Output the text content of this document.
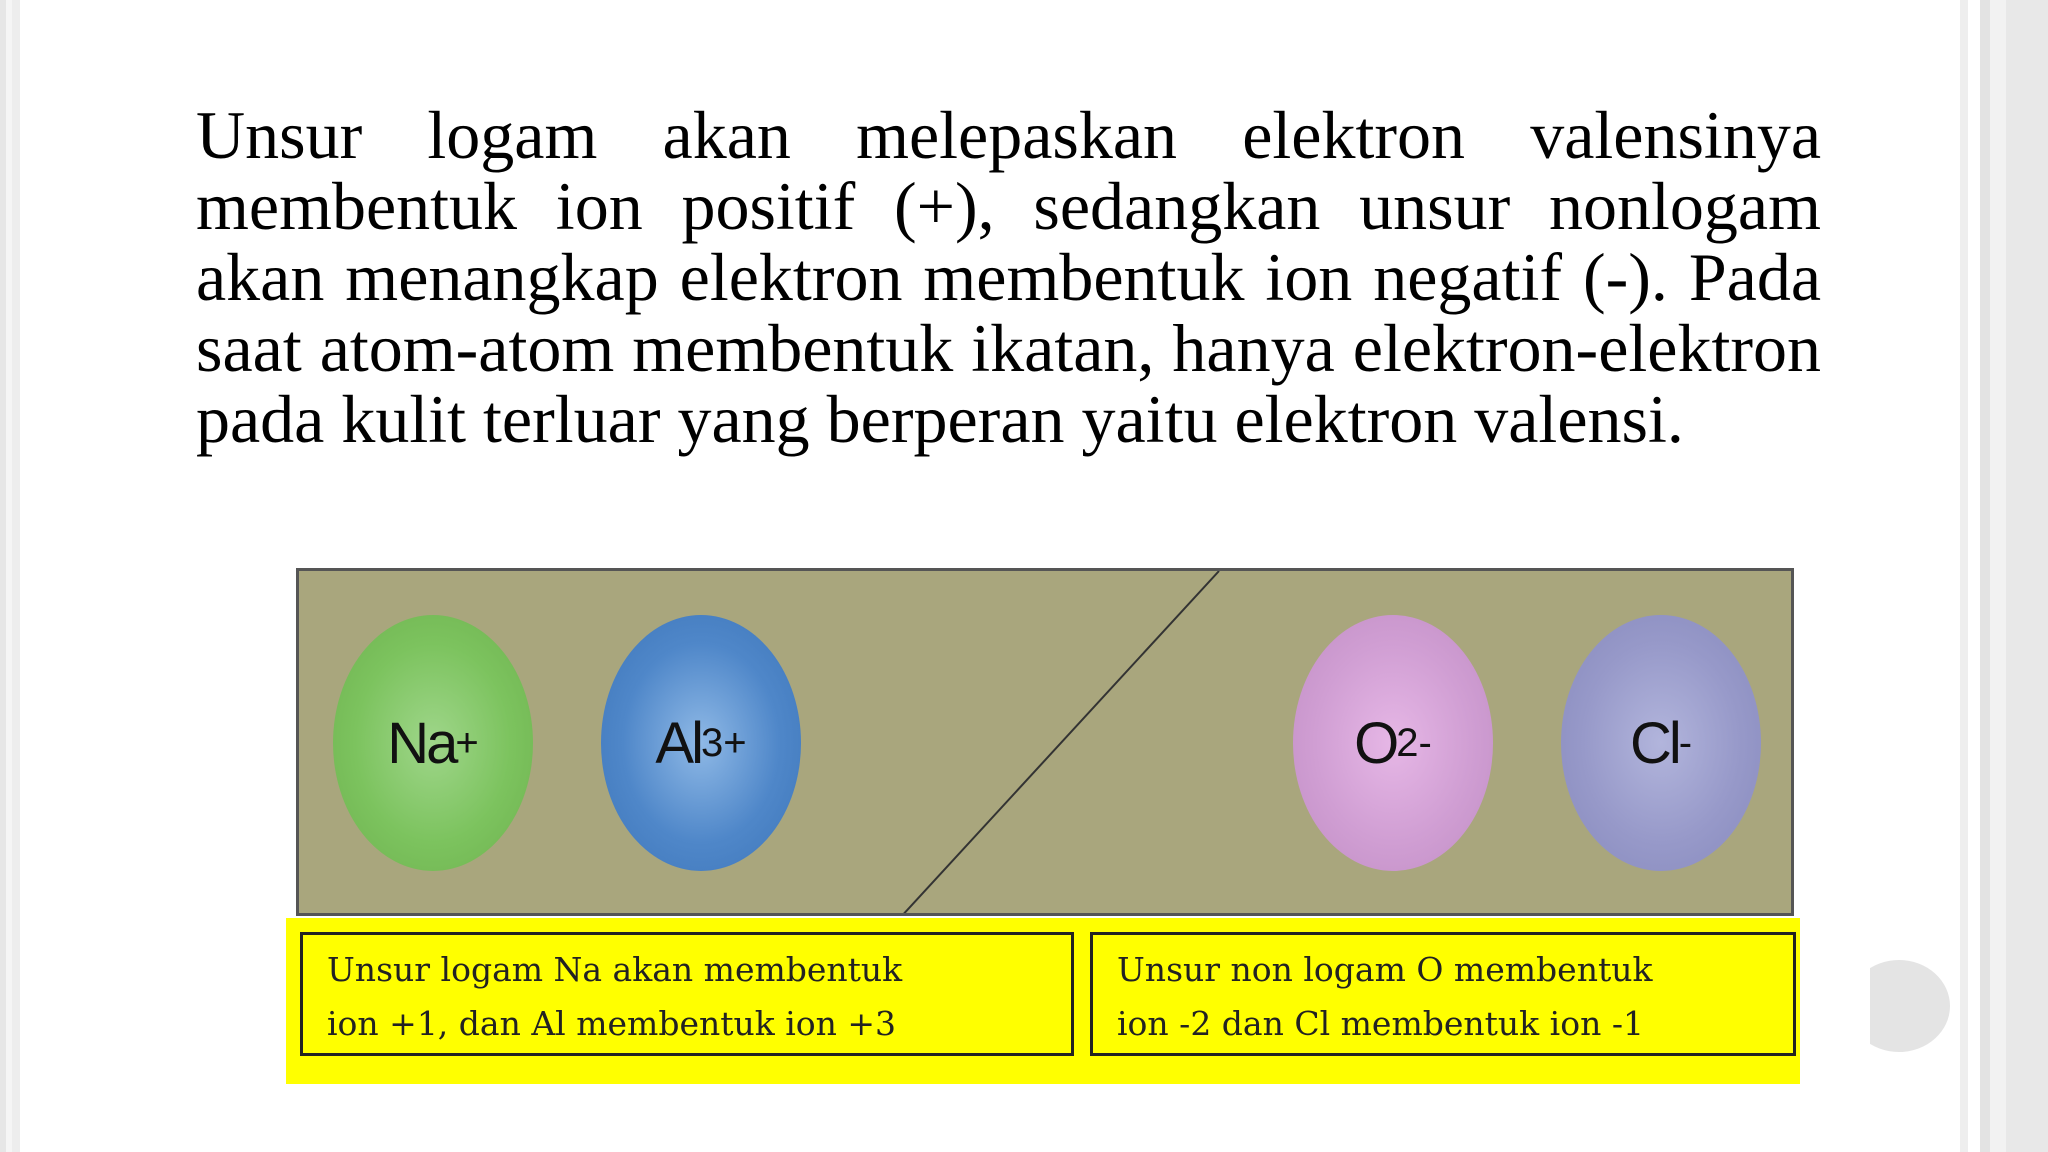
Unsur logam akan melepaskan elektron valensinya membentuk ion positif (+), sedangkan unsur nonlogam akan menangkap elektron membentuk ion negatif (-). Pada saat atom-atom membentuk ikatan, hanya elektron-elektron pada kulit terluar yang berperan yaitu elektron valensi.
Na +	Al 3+	O 2-	Cl -
Unsur logam Na akan membentuk
ion +1, dan Al membentuk ion +3
Unsur non logam O membentuk
ion -2 dan Cl membentuk ion -1
